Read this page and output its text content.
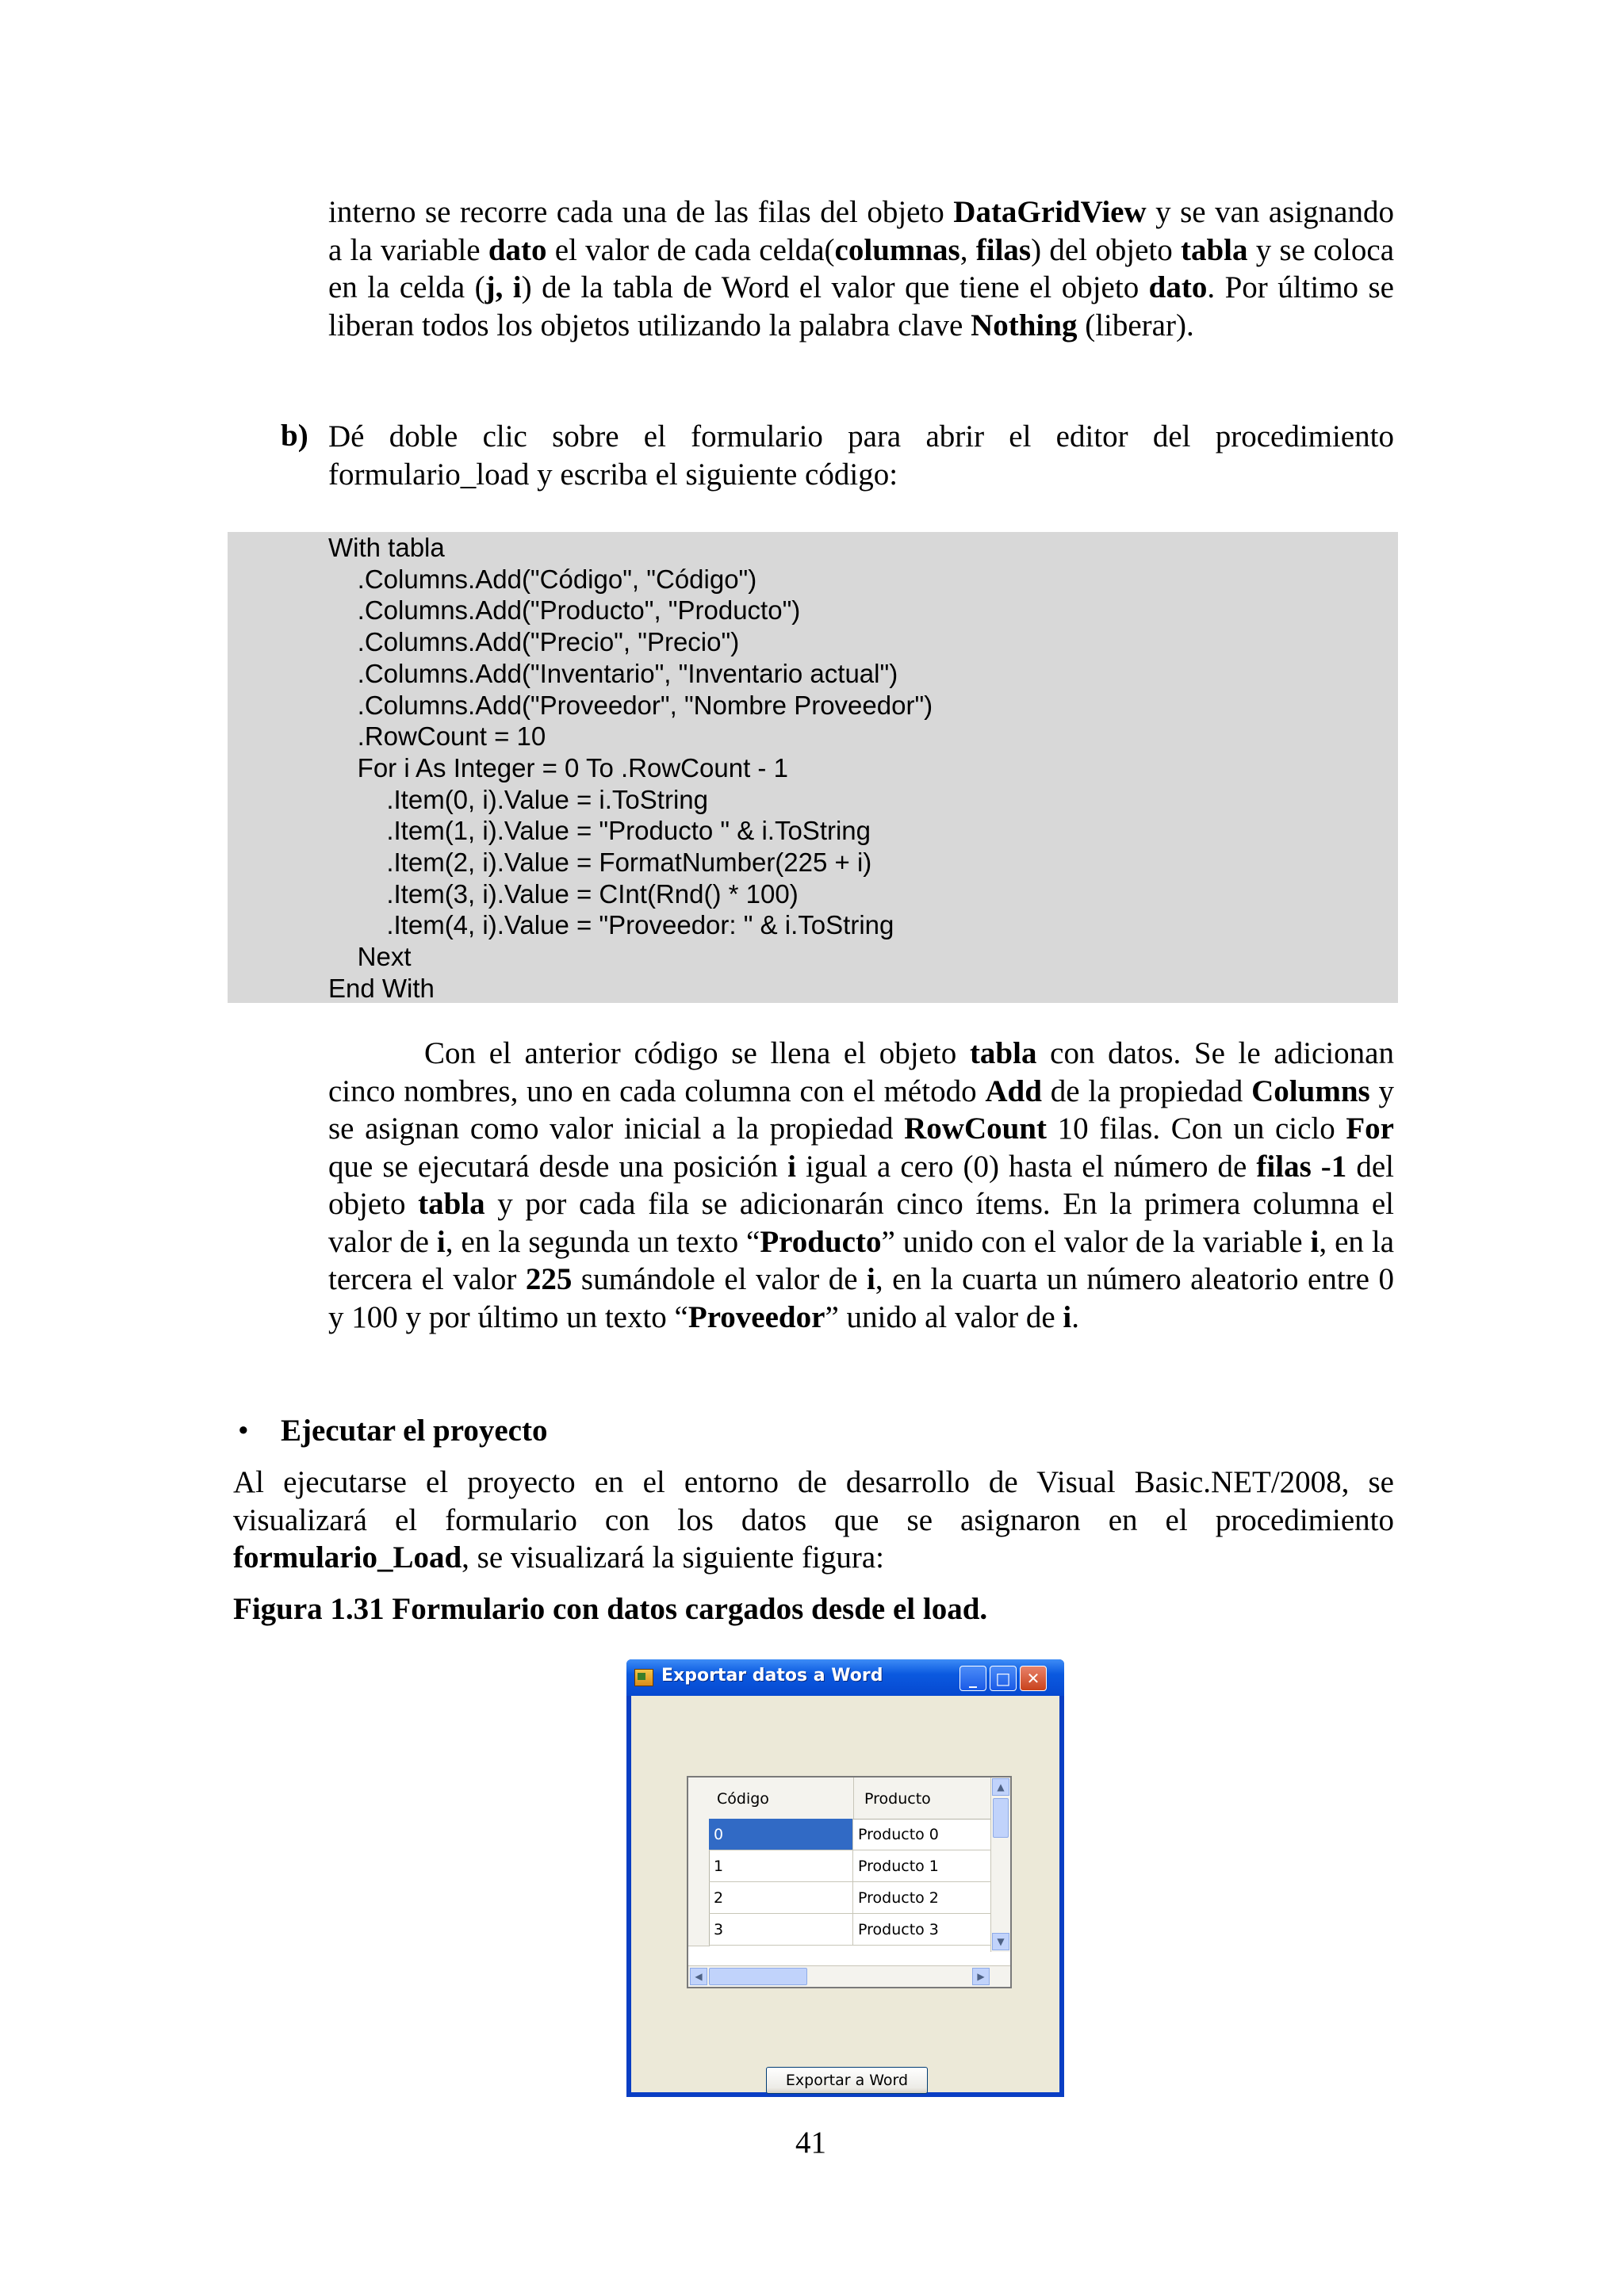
interno se recorre cada una de las filas del objeto DataGridView y se van asignando a la variable dato el valor de cada celda(columnas, filas) del objeto tabla y se coloca en la celda (j, i) de la tabla de Word el valor que tiene el objeto dato. Por último se liberan todos los objetos utilizando la palabra clave Nothing (liberar).

b) Dé doble clic sobre el formulario para abrir el editor del procedimiento formulario_load y escriba el siguiente código:

With tabla
.Columns.Add("Código", "Código")
.Columns.Add("Producto", "Producto")
.Columns.Add("Precio", "Precio")
.Columns.Add("Inventario", "Inventario actual")
.Columns.Add("Proveedor", "Nombre Proveedor")
.RowCount = 10
For i As Integer = 0 To .RowCount - 1
.Item(0, i).Value = i.ToString
.Item(1, i).Value = "Producto " & i.ToString
.Item(2, i).Value = FormatNumber(225 + i)
.Item(3, i).Value = CInt(Rnd() * 100)
.Item(4, i).Value = "Proveedor: " & i.ToString
Next
End With

Con el anterior código se llena el objeto tabla con datos. Se le adicionan cinco nombres, uno en cada columna con el método Add de la propiedad Columns y se asignan como valor inicial a la propiedad RowCount 10 filas. Con un ciclo For que se ejecutará desde una posición i igual a cero (0) hasta el número de filas -1 del objeto tabla y por cada fila se adicionarán cinco ítems. En la primera columna el valor de i, en la segunda un texto “Producto” unido con el valor de la variable i, en la tercera el valor 225 sumándole el valor de i, en la cuarta un número aleatorio entre 0 y 100 y por último un texto “Proveedor” unido al valor de i.

• Ejecutar el proyecto

Al ejecutarse el proyecto en el entorno de desarrollo de Visual Basic.NET/2008, se visualizará el formulario con los datos que se asignaron en el procedimiento formulario_Load, se visualizará la siguiente figura:

Figura 1.31 Formulario con datos cargados desde el load.
Exportar datos a Word	_	□	✕
Código	Producto
0	Producto 0
1	Producto 1
2	Producto 2
3	Producto 3
▲
▼
◀	▶
Exportar a Word
41
